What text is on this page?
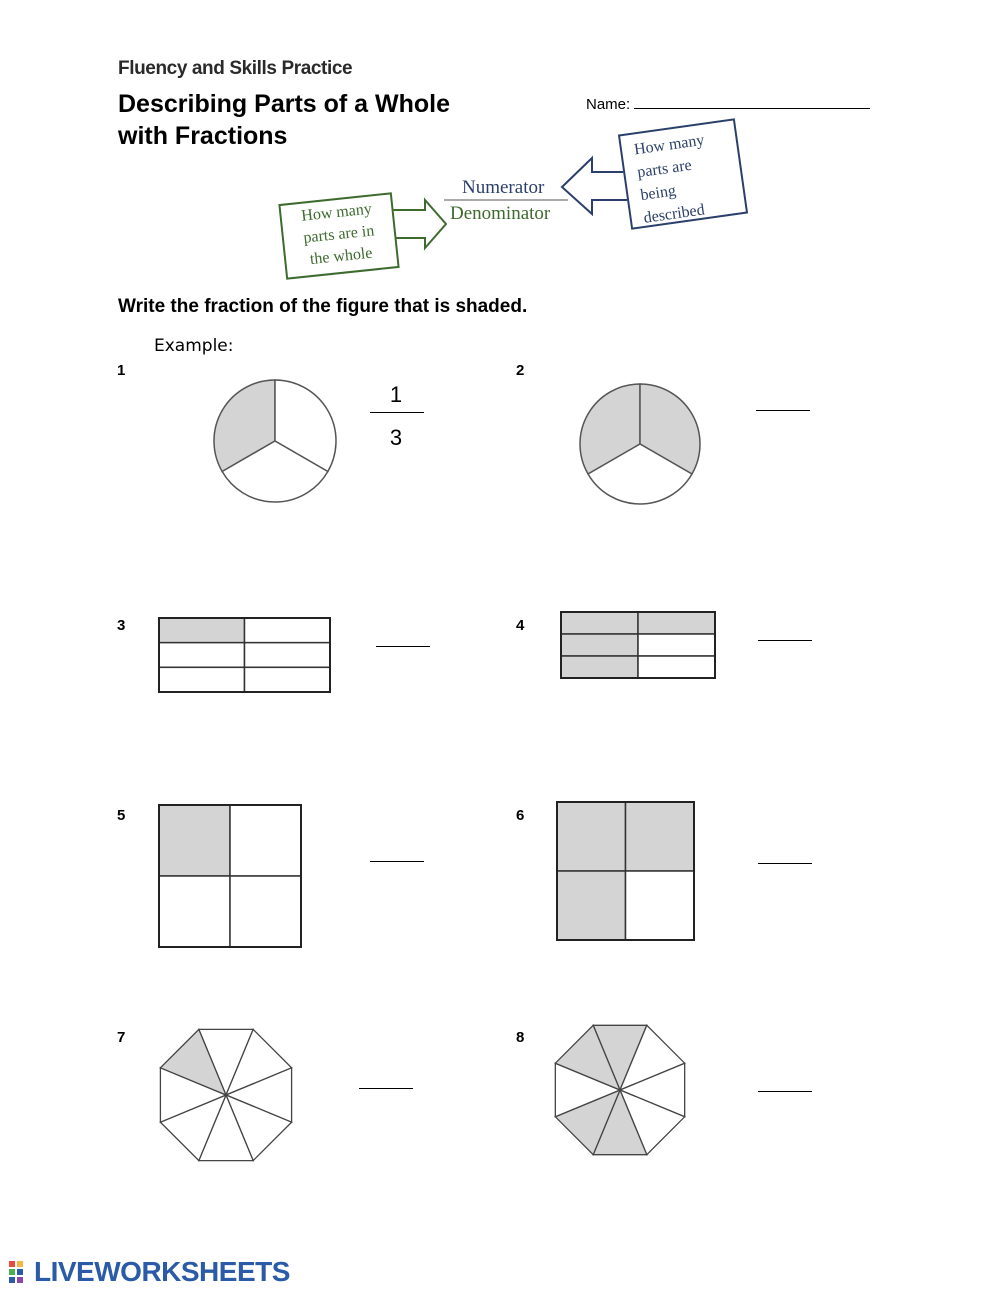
Fluency and Skills Practice
Describing Parts of a Whole
with Fractions
Name:
Numerator
Denominator
How many
parts are in
the whole
How many
parts are
being
described
Write the fraction of the figure that is shaded.
Example:
1	2
3	4
5	6
7	8
1
3
LIVEWORKSHEETS
